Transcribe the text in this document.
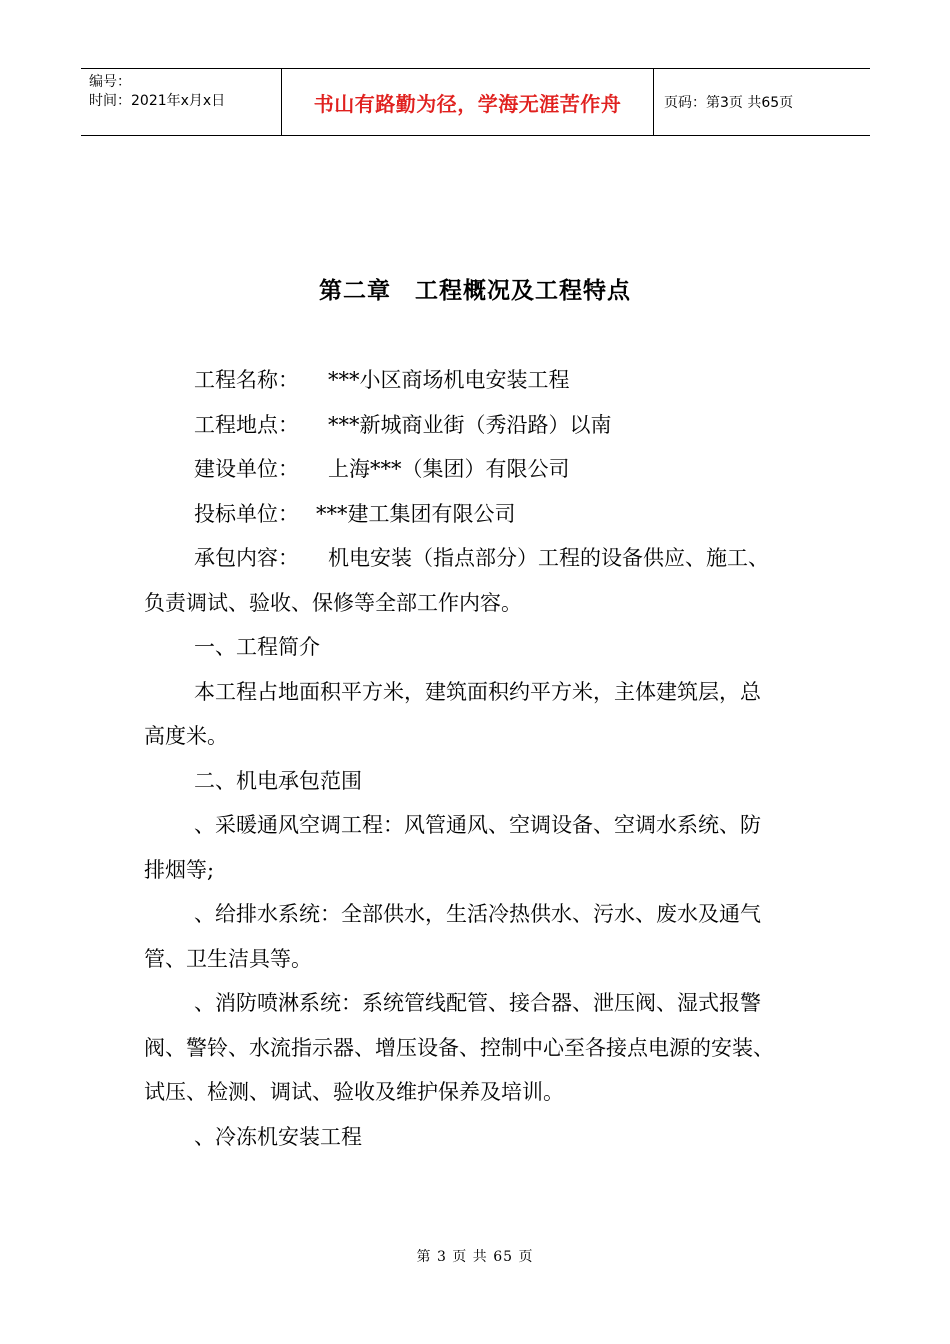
编号：
时间：2021年x月x日	书山有路勤为径，学海无涯苦作舟	页码：第3页 共65页
第二章　工程概况及工程特点
工程名称： ***小区商场机电安装工程
工程地点： ***新城商业街（秀沿路）以南
建设单位： 上海***（集团）有限公司
投标单位： ***建工集团有限公司
承包内容： 机电安装（指点部分）工程的设备供应、施工、
负责调试、验收、保修等全部工作内容。
一、工程简介
本工程占地面积平方米，建筑面积约平方米，主体建筑层，总
高度米。
二、机电承包范围
、采暖通风空调工程：风管通风、空调设备、空调水系统、防
排烟等;
、给排水系统：全部供水，生活冷热供水、污水、废水及通气
管、卫生洁具等。
、消防喷淋系统：系统管线配管、接合器、泄压阀、湿式报警
阀、警铃、水流指示器、增压设备、控制中心至各接点电源的安装、
试压、检测、调试、验收及维护保养及培训。
、冷冻机安装工程
第 3 页 共 65 页
